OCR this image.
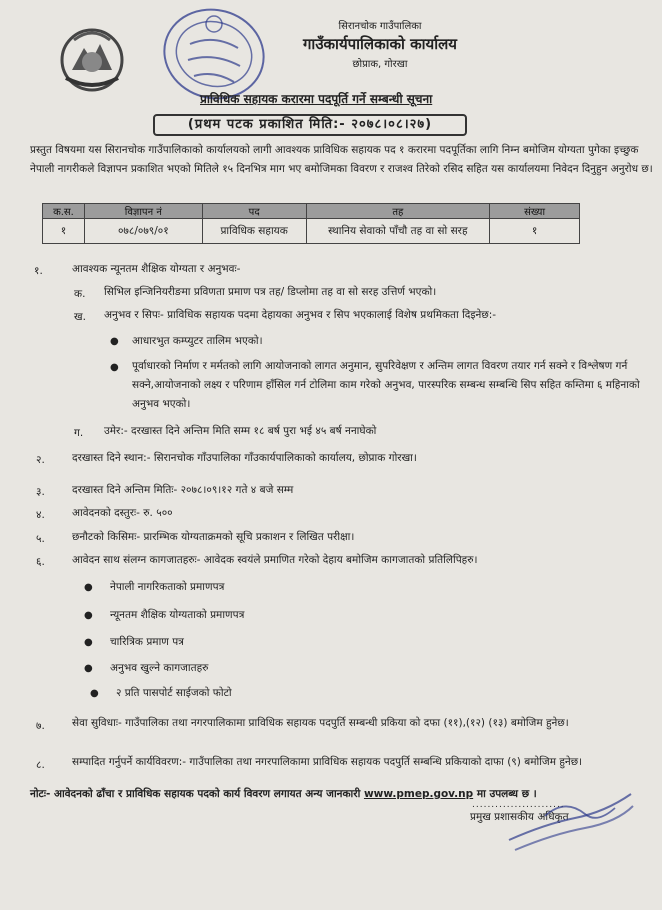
सिरानचोक गाउँपालिका
गाउँकार्यपालिकाको कार्यालय
छोप्राक, गोरखा
प्राविधिक सहायक करारमा पदपूर्ति गर्ने सम्बन्धी सूचना
(प्रथम पटक प्रकाशित मिति:- २०७८।०८।२७)
प्रस्तुत विषयमा यस सिरानचोक गाउँपालिकाको कार्यालयको लागी आवश्यक प्राविधिक सहायक पद १ करारमा पदपूर्तिका लागि निम्न बमोजिम योग्यता पुगेका इच्छुक नेपाली नागरीकले विज्ञापन प्रकाशित भएको मितिले १५ दिनभित्र माग भए बमोजिमका विवरण र राजश्व तिरेको रसिद सहित यस कार्यालयमा निवेदन दिनुहुन अनुरोध छ।
क.स.	विज्ञापन नं	पद	तह	संख्या
१	०७८/०७९/०१	प्राविधिक सहायक	स्थानिय सेवाको पाँचौ तह वा सो सरह	१
१.	आवश्यक न्यूनतम शैक्षिक योग्यता र अनुभवः-
क. सिभिल इन्जिनियरीङमा प्रविणता प्रमाण पत्र तह/ डिप्लोमा तह वा सो सरह उत्तिर्ण भएको।
ख. अनुभव र सिपः- प्राविधिक सहायक पदमा देहायका अनुभव र सिप भएकालाई विशेष प्रथमिकता दिइनेछ:-
● आधारभुत कम्प्युटर तालिम भएको।
● पूर्वाधारको निर्माण र मर्मतको लागि आयोजनाको लागत अनुमान, सुपरिवेक्षण र अन्तिम लागत विवरण तयार गर्न सक्ने र विश्लेषण गर्न सक्ने,आयोजनाको लक्ष्य र परिणाम हाँसिल गर्न टोलिमा काम गरेको अनुभव, पारस्परिक सम्बन्ध सम्बन्धि सिप सहित कम्तिमा ६ महिनाको अनुभव भएको।
ग. उमेर:- दरखास्त दिने अन्तिम मिति सम्म १८ बर्ष पुरा भई ४५ बर्ष ननाघेको
२.	दरखास्त दिने स्थान:- सिरानचोक गाँउपालिका गाँउकार्यपालिकाको कार्यालय, छोप्राक गोरखा।
३.	दरखास्त दिने अन्तिम मितिः- २०७८।०९।१२ गते ४ बजे सम्म
४.	आवेदनको दस्तुरः- रु. ५००
५.	छनौटको किसिमः- प्रारम्भिक योग्यताक्रमको सूचि प्रकाशन र लिखित परीक्षा।
६.	आवेदन साथ संलग्न कागजातहरुः- आवेदक स्वयंले प्रमाणित गरेको देहाय बमोजिम कागजातको प्रतिलिपिहरु।
● नेपाली नागरिकताको प्रमाणपत्र
● न्यूनतम शैक्षिक योग्यताको प्रमाणपत्र
● चारित्रिक प्रमाण पत्र
● अनुभव खुल्ने कागजातहरु
● २ प्रति पासपोर्ट साईजको फोटो
७.	सेवा सुविधाः- गाउँपालिका तथा नगरपालिकामा प्राविधिक सहायक पदपुर्ति सम्बन्धी प्रकिया को दफा (११),(१२) (१३) बमोजिम हुनेछ।
८.	सम्पादित गर्नुपर्ने कार्यविवरण:- गाउँपालिका तथा नगरपालिकामा प्राविधिक सहायक पदपुर्ति सम्बन्धि प्रकियाको दाफा (९) बमोजिम हुनेछ।
नोटः- आवेदनको ढाँचा र प्राविधिक सहायक पदको कार्य विवरण लगायत अन्य जानकारी www.pmep.gov.np मा उपलब्ध छ ।
........................
प्रमुख प्रशासकीय अधिकृत
